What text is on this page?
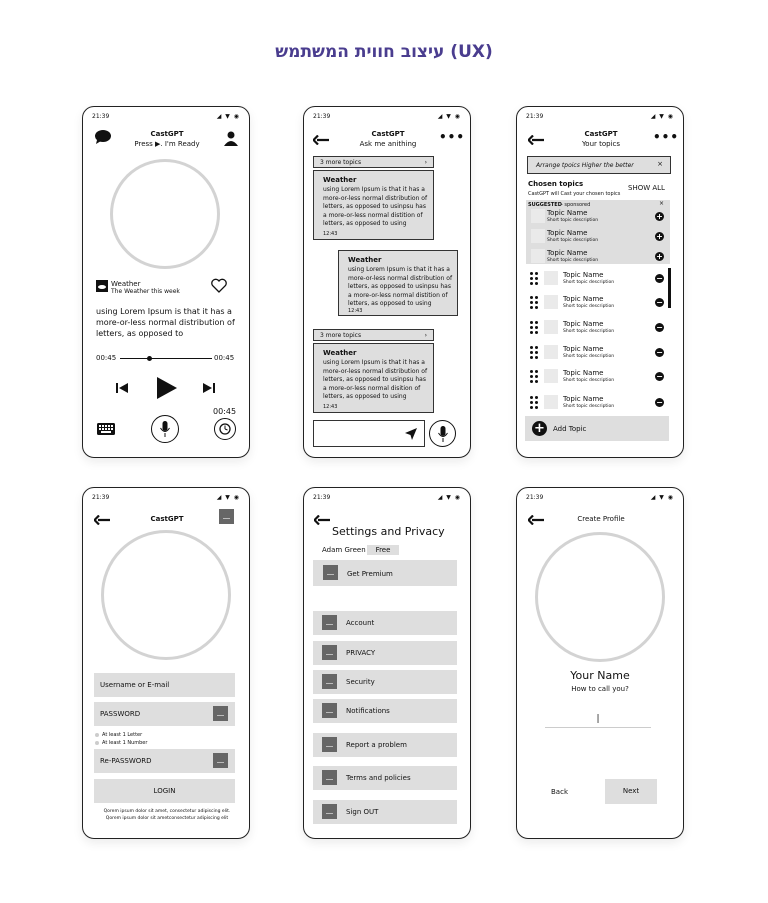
עיצוב חווית המשתמש (UX)
21:39	◢ ▼ ◉
CastGPT
Press ▶. I'm Ready
Weather
The Weather this week
using Lorem Ipsum is that it has a more-or-less normal distribution of letters, as opposed to
00:45	00:45
00:45
21:39	◢ ▼ ◉
CastGPT
Ask me anithing	•••
3 more topics	›
Weather
using Lorem Ipsum is that it has a more-or-less normal distribution of letters, as opposed to usinpsu has a more-or-less normal distition of letters, as opposed to using
12:43
Weather
using Lorem Ipsum is that it has a more-or-less normal distribution of letters, as opposed to usinpsu has a more-or-less normal distition of letters, as opposed to using
12:43
3 more topics	›
Weather
using Lorem Ipsum is that it has a more-or-less normal distribution of letters, as opposed to usinpsu has a more-or-less normal disition of letters, as opposed to using
12:43
21:39	◢ ▼ ◉
CastGPT
Your topics	•••
Arrange tpoics Higher the better	×
Chosen topics	SHOW ALL
CastGPT will Cast your chosen topics
SUGGESTED - sponsored	×
Topic Name
Short topic description	+
Topic Name
Short topic description	+
Topic Name
Short topic description	+
Topic Name
Short topic description	−
Topic Name
Short topic description	−
Topic Name
Short topic description	−
Topic Name
Short topic description	−
Topic Name
Short topic description	−
Topic Name
Short topic description	−
+ Add Topic
21:39	◢ ▼ ◉
CastGPT
Username or E-mail
PASSWORD
At least 1 Letter
At least 1 Number
Re-PASSWORD
LOGIN
Qorem ipsum dolor sit amet, consectetur adipiscing elit.
Qorem ipsum dolor sit ametconsectetur adipiscing elit
21:39	◢ ▼ ◉
Settings and Privacy
Adam Green	Free
Get Premium
Account
PRIVACY
Security
Notifications
Report a problem
Terms and policies
Sign OUT
21:39	◢ ▼ ◉
Create Profile
Your Name
How to call you?
|
Back	Next
